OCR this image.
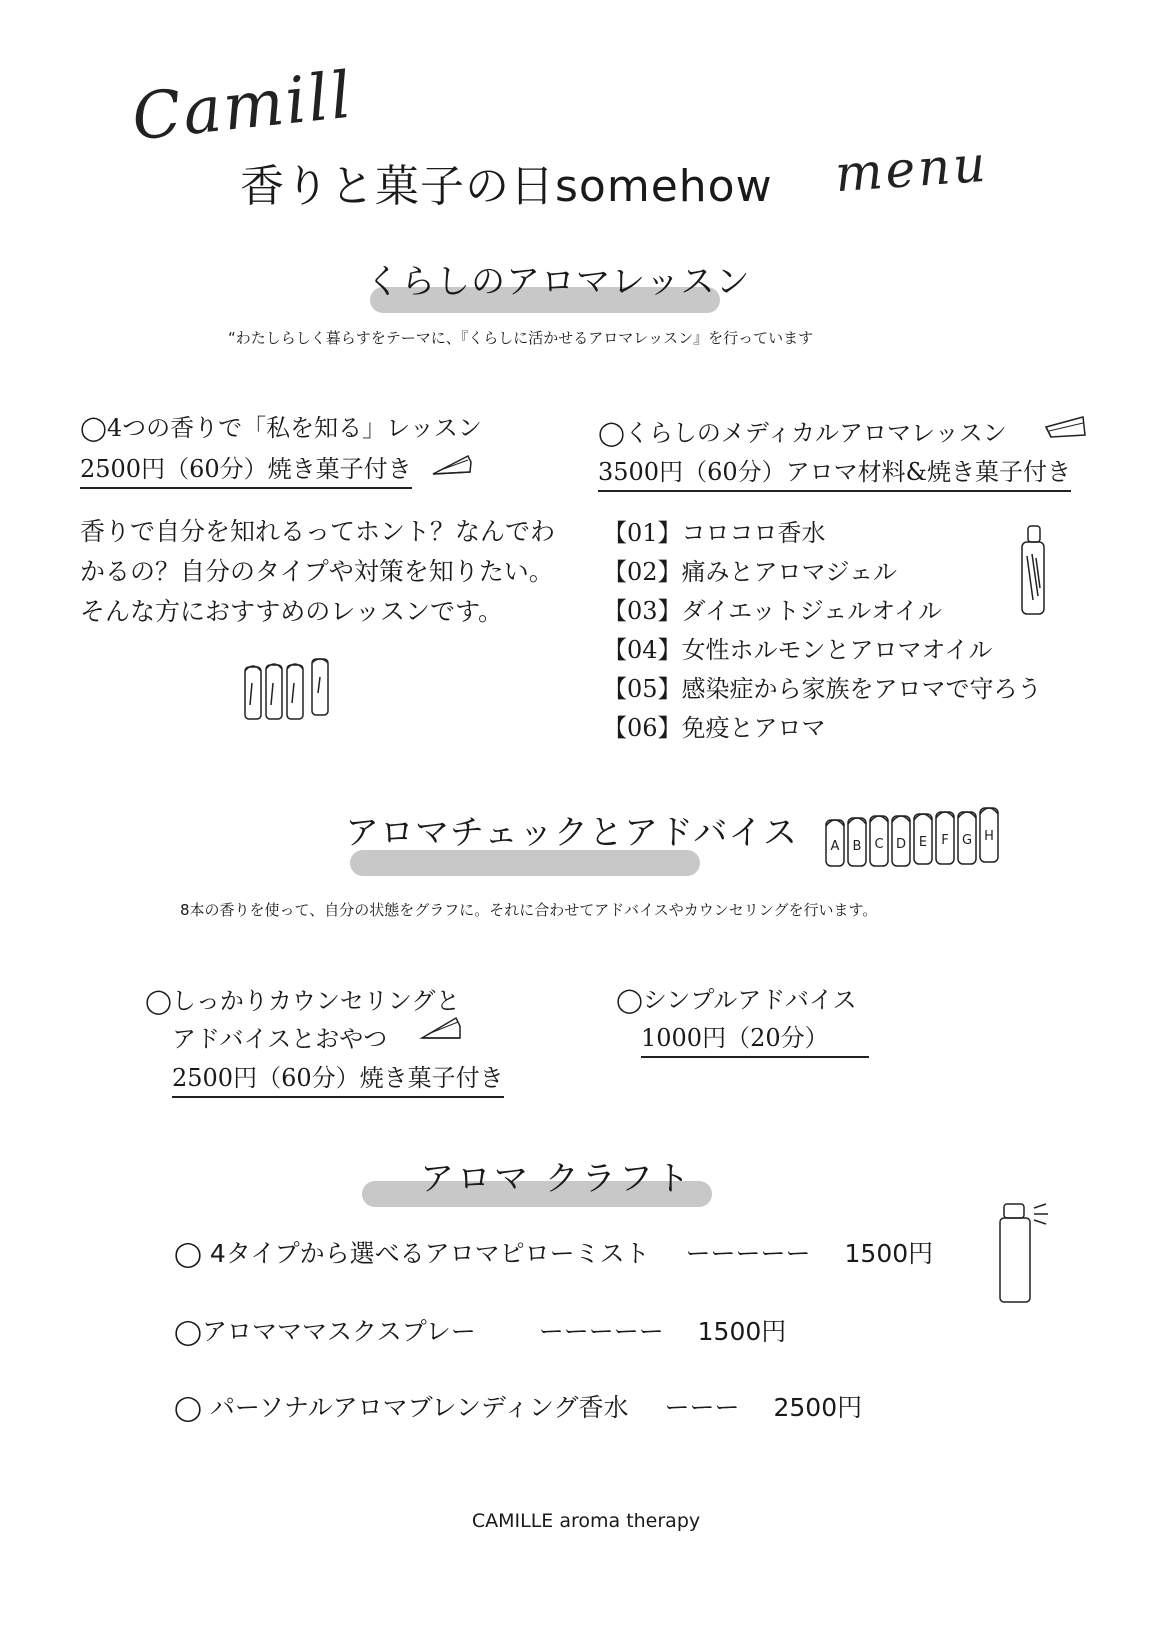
Camill
香りと菓子の日somehow menu
くらしのアロマレッスン
“わたしらしく暮らすをテーマに、『くらしに活かせるアロマレッスン』を行っています
◯4つの香りで「私を知る」レッスン
2500円（60分）焼き菓子付き
香りで自分を知れるってホント？なんでわかるの？自分のタイプや対策を知りたい。そんな方におすすめのレッスンです。
◯くらしのメディカルアロマレッスン
3500円（60分）アロマ材料&焼き菓子付き
【01】コロコロ香水
【02】痛みとアロマジェル
【03】ダイエットジェルオイル
【04】女性ホルモンとアロマオイル
【05】感染症から家族をアロマで守ろう
【06】免疫とアロマ
アロマチェックとアドバイス	A B C D E F G H
8本の香りを使って、自分の状態をグラフに。それに合わせてアドバイスやカウンセリングを行います。
◯しっかりカウンセリングと
アドバイスとおやつ
2500円（60分）焼き菓子付き
◯シンプルアドバイス
1000円（20分）
アロマ クラフト
◯ 4タイプから選べるアロマピローミスト ーーーーー 1500円
◯アロマママスクスプレー	ーーーーー 1500円
◯ パーソナルアロマブレンディング香水 ーーー 2500円
CAMILLE aroma therapy
